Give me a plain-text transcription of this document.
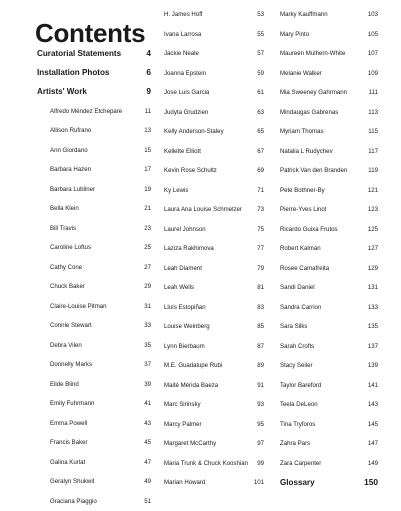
Contents
Curatorial Statements	4
Installation Photos	6
Artists' Work	9
Alfredo Méndez Etchepare	11
Allison Rufrano	13
Ann Giordano	15
Barbara Hazen	17
Barbara Lubliner	19
Bella Klein	21
Bill Travis	23
Caroline Loftus	25
Cathy Cone	27
Chuck Baker	29
Claire-Louise Pitman	31
Connie Stewart	33
Debra Vilen	35
Donnelly Marks	37
Elide Blind	39
Emily Fuhrmann	41
Emma Powell	43
Francis Baker	45
Galina Kurlat	47
Geralyn Shukwit	49
Graciana Piaggio	51
H. James Hoff	53
Ivana Larrosa	55
Jackie Neale	57
Joanna Epstein	59
Jose Luis Garcia	61
Judyta Grudzien	63
Kelly Anderson-Staley	65
Kellette Elliott	67
Kevin Rose Schultz	69
Ky Lewis	71
Laura Ana Louise Schmelzer	73
Laurel Johnson	75
Laziza Rakhimova	77
Leah Diament	79
Leah Wells	81
Lluís Estopiñan	83
Louise Weinberg	85
Lynn Bierbaum	87
M.E. Guadalupe Rubi	89
Maité Mérida Baeza	91
Marc Sirinsky	93
Marcy Palmer	95
Margaret McCarthy	97
Maria Trunk & Chuck Kooshian	99
Marian Howard	101
Marky Kauffmann	103
Mary Pinto	105
Maureen Mulhern-White	107
Melanie Walker	109
Mia Sweeney Gahrmann	111
Mindaugas Gabrenas	113
Myriam Thomas	115
Natalia L Rudychev	117
Patrick Van den Branden	119
Pete Bothner-By	121
Pierre-Yves Linot	123
Ricardo Guixa Frutos	125
Robert Kalman	127
Rosee Camafreita	129
Sandi Daniel	131
Sandra Carrion	133
Sara Silks	135
Sarah Crofts	137
Stacy Seiler	139
Taylor Bareford	141
Teela DeLeon	143
Tina Tryforos	145
Zahra Pars	147
Zara Carpenter	149
Glossary	150
